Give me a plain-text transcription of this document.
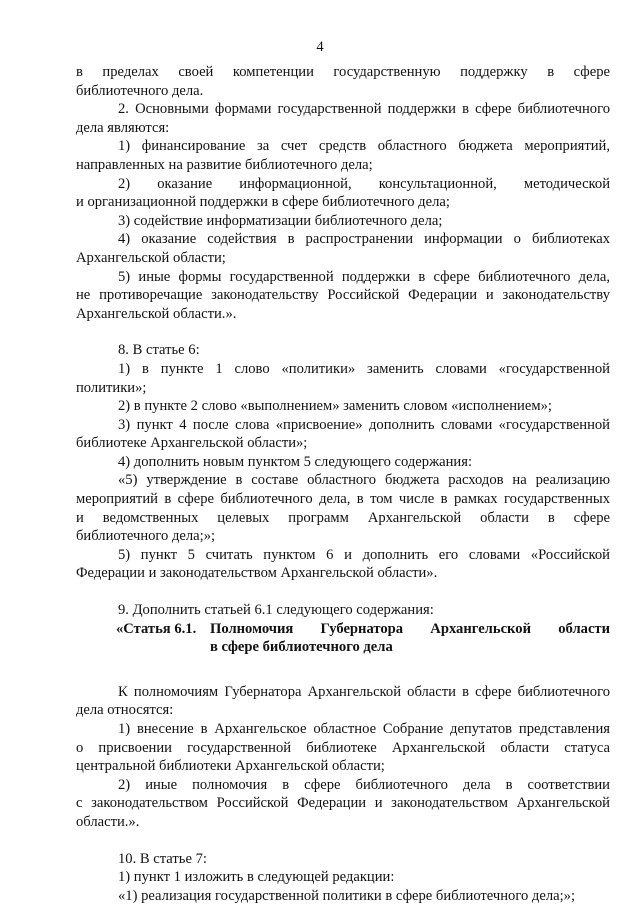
4
в пределах своей компетенции государственную поддержку в сфере
библиотечного дела.
2. Основными формами государственной поддержки в сфере библиотечного
дела являются:
1) финансирование за счет средств областного бюджета мероприятий,
направленных на развитие библиотечного дела;
2) оказание информационной, консультационной, методической
и организационной поддержки в сфере библиотечного дела;
3) содействие информатизации библиотечного дела;
4) оказание содействия в распространении информации о библиотеках
Архангельской области;
5) иные формы государственной поддержки в сфере библиотечного дела,
не противоречащие законодательству Российской Федерации и законодательству
Архангельской области.».
8. В статье 6:
1) в пункте 1 слово «политики» заменить словами «государственной
политики»;
2) в пункте 2 слово «выполнением» заменить словом «исполнением»;
3) пункт 4 после слова «присвоение» дополнить словами «государственной
библиотеке Архангельской области»;
4) дополнить новым пунктом 5 следующего содержания:
«5) утверждение в составе областного бюджета расходов на реализацию
мероприятий в сфере библиотечного дела, в том числе в рамках государственных
и ведомственных целевых программ Архангельской области в сфере
библиотечного дела;»;
5) пункт 5 считать пунктом 6 и дополнить его словами «Российской
Федерации и законодательством Архангельской области».
9. Дополнить статьей 6.1 следующего содержания:
«Статья 6.1. Полномочия Губернатора Архангельской области
в сфере библиотечного дела
К полномочиям Губернатора Архангельской области в сфере библиотечного
дела относятся:
1) внесение в Архангельское областное Собрание депутатов представления
о присвоении государственной библиотеке Архангельской области статуса
центральной библиотеки Архангельской области;
2) иные полномочия в сфере библиотечного дела в соответствии
с законодательством Российской Федерации и законодательством Архангельской
области.».
10. В статье 7:
1) пункт 1 изложить в следующей редакции:
«1) реализация государственной политики в сфере библиотечного дела;»;
